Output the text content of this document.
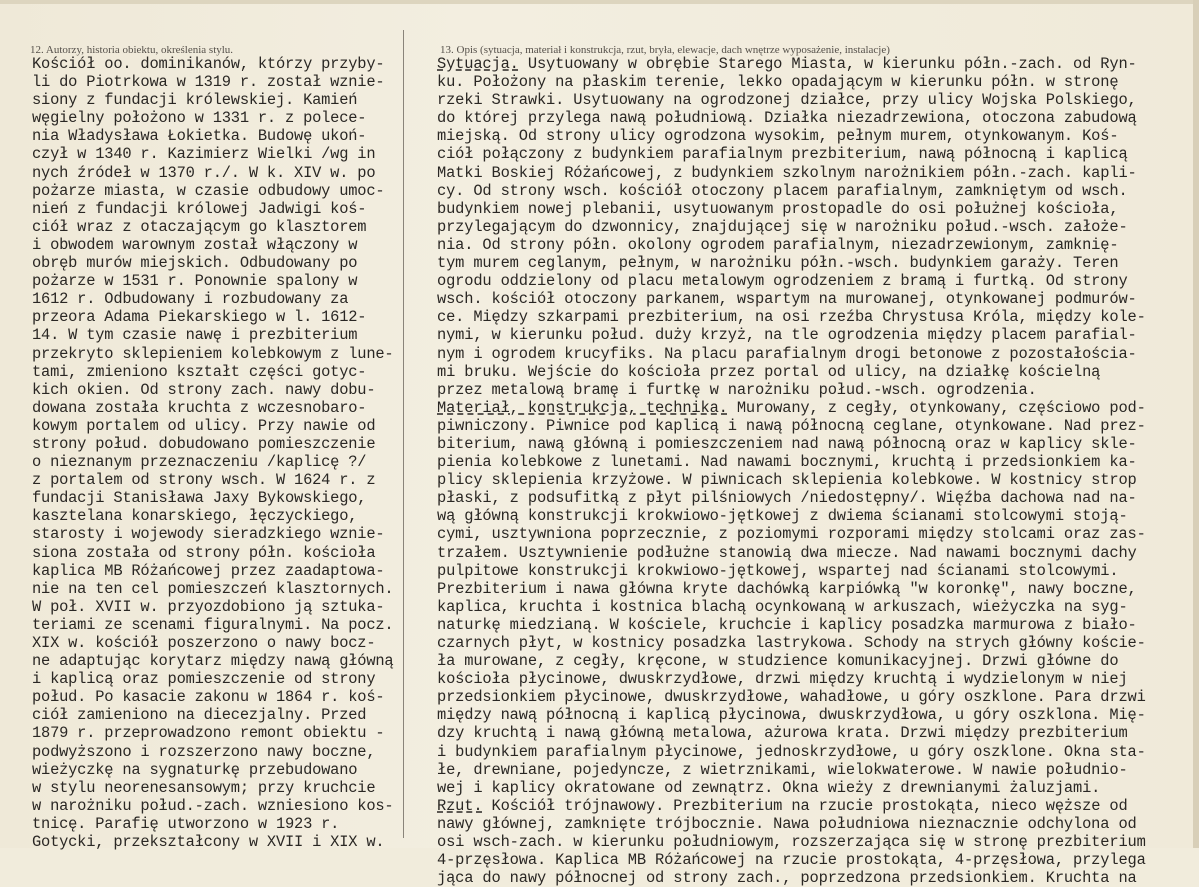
12. Autorzy, historia obiektu, określenia stylu.	13. Opis (sytuacja, materiał i konstrukcja, rzut, bryła, elewacje, dach wnętrze wyposażenie, instalacje)
Kościół oo. dominikanów, którzy przyby-
li do Piotrkowa w 1319 r. został wznie-
siony z fundacji królewskiej. Kamień
węgielny położono w 1331 r. z polece-
nia Władysława Łokietka. Budowę ukoń-
czył w 1340 r. Kazimierz Wielki /wg in
nych źródeł w 1370 r./. W k. XIV w. po
pożarze miasta, w czasie odbudowy umoc-
nień z fundacji królowej Jadwigi koś-
ciół wraz z otaczającym go klasztorem
i obwodem warownym został włączony w
obręb murów miejskich. Odbudowany po
pożarze w 1531 r. Ponownie spalony w
1612 r. Odbudowany i rozbudowany za
przeora Adama Piekarskiego w l. 1612-
14. W tym czasie nawę i prezbiterium
przekryto sklepieniem kolebkowym z lune-
tami, zmieniono kształt części gotyc-
kich okien. Od strony zach. nawy dobu-
dowana została kruchta z wczesnobaro-
kowym portalem od ulicy. Przy nawie od
strony połud. dobudowano pomieszczenie
o nieznanym przeznaczeniu /kaplicę ?/
z portalem od strony wsch. W 1624 r. z
fundacji Stanisława Jaxy Bykowskiego,
kasztelana konarskiego, łęczyckiego,
starosty i wojewody sieradzkiego wznie-
siona została od strony półn. kościoła
kaplica MB Różańcowej przez zaadaptowa-
nie na ten cel pomieszczeń klasztornych.
W poł. XVII w. przyozdobiono ją sztuka-
teriami ze scenami figuralnymi. Na pocz.
XIX w. kościół poszerzono o nawy bocz-
ne adaptując korytarz między nawą główną
i kaplicą oraz pomieszczenie od strony
połud. Po kasacie zakonu w 1864 r. koś-
ciół zamieniono na diecezjalny. Przed
1879 r. przeprowadzono remont obiektu -
podwyższono i rozszerzono nawy boczne,
wieżyczkę na sygnaturkę przebudowano
w stylu neorenesansowym; przy kruchcie
w narożniku połud.-zach. wzniesiono kos-
tnicę. Parafię utworzono w 1923 r.
Gotycki, przekształcony w XVII i XIX w.
Sytuacja. Usytuowany w obrębie Starego Miasta, w kierunku półn.-zach. od Ryn-
ku. Położony na płaskim terenie, lekko opadającym w kierunku półn. w stronę
rzeki Strawki. Usytuowany na ogrodzonej działce, przy ulicy Wojska Polskiego,
do której przylega nawą południową. Działka niezadrzewiona, otoczona zabudową
miejską. Od strony ulicy ogrodzona wysokim, pełnym murem, otynkowanym. Koś-
ciół połączony z budynkiem parafialnym prezbiterium, nawą północną i kaplicą
Matki Boskiej Różańcowej, z budynkiem szkolnym narożnikiem półn.-zach. kapli-
cy. Od strony wsch. kościół otoczony placem parafialnym, zamkniętym od wsch.
budynkiem nowej plebanii, usytuowanym prostopadle do osi połużnej kościoła,
przylegającym do dzwonnicy, znajdującej się w narożniku połud.-wsch. założe-
nia. Od strony półn. okolony ogrodem parafialnym, niezadrzewionym, zamknię-
tym murem ceglanym, pełnym, w narożniku półn.-wsch. budynkiem garaży. Teren
ogrodu oddzielony od placu metalowym ogrodzeniem z bramą i furtką. Od strony
wsch. kościół otoczony parkanem, wspartym na murowanej, otynkowanej podmurów-
ce. Między szkarpami prezbiterium, na osi rzeźba Chrystusa Króla, między kole-
nymi, w kierunku połud. duży krzyż, na tle ogrodzenia między placem parafial-
nym i ogrodem krucyfiks. Na placu parafialnym drogi betonowe z pozostałościa-
mi bruku. Wejście do kościoła przez portal od ulicy, na działkę kościelną
przez metalową bramę i furtkę w narożniku połud.-wsch. ogrodzenia.
Materiał, konstrukcja, technika. Murowany, z cegły, otynkowany, częściowo pod-
piwniczony. Piwnice pod kaplicą i nawą północną ceglane, otynkowane. Nad prez-
biterium, nawą główną i pomieszczeniem nad nawą północną oraz w kaplicy skle-
pienia kolebkowe z lunetami. Nad nawami bocznymi, kruchtą i przedsionkiem ka-
plicy sklepienia krzyżowe. W piwnicach sklepienia kolebkowe. W kostnicy strop
płaski, z podsufitką z płyt pilśniowych /niedostępny/. Więźba dachowa nad na-
wą główną konstrukcji krokwiowo-jętkowej z dwiema ścianami stolcowymi stoją-
cymi, usztywniona poprzecznie, z poziomymi rozporami między stolcami oraz zas-
trzałem. Usztywnienie podłużne stanowią dwa miecze. Nad nawami bocznymi dachy
pulpitowe konstrukcji krokwiowo-jętkowej, wspartej nad ścianami stolcowymi.
Prezbiterium i nawa główna kryte dachówką karpiówką "w koronkę", nawy boczne,
kaplica, kruchta i kostnica blachą ocynkowaną w arkuszach, wieżyczka na syg-
naturkę miedzianą. W kościele, kruchcie i kaplicy posadzka marmurowa z biało-
czarnych płyt, w kostnicy posadzka lastrykowa. Schody na strych główny koście-
ła murowane, z cegły, kręcone, w studzience komunikacyjnej. Drzwi główne do
kościoła płycinowe, dwuskrzydłowe, drzwi między kruchtą i wydzielonym w niej
przedsionkiem płycinowe, dwuskrzydłowe, wahadłowe, u góry oszklone. Para drzwi
między nawą północną i kaplicą płycinowa, dwuskrzydłowa, u góry oszklona. Mię-
dzy kruchtą i nawą główną metalowa, ażurowa krata. Drzwi między prezbiterium
i budynkiem parafialnym płycinowe, jednoskrzydłowe, u góry oszklone. Okna sta-
łe, drewniane, pojedyncze, z wietrznikami, wielokwaterowe. W nawie południo-
wej i kaplicy okratowane od zewnątrz. Okna wieży z drewnianymi żaluzjami.
Rzut. Kościół trójnawowy. Prezbiterium na rzucie prostokąta, nieco węższe od
nawy głównej, zamknięte trójbocznie. Nawa południowa nieznacznie odchylona od
osi wsch-zach. w kierunku południowym, rozszerzająca się w stronę prezbiterium
4-przęsłowa. Kaplica MB Różańcowej na rzucie prostokąta, 4-przęsłowa, przylega
jąca do nawy północnej od strony zach., poprzedzona przedsionkiem. Kruchta na
